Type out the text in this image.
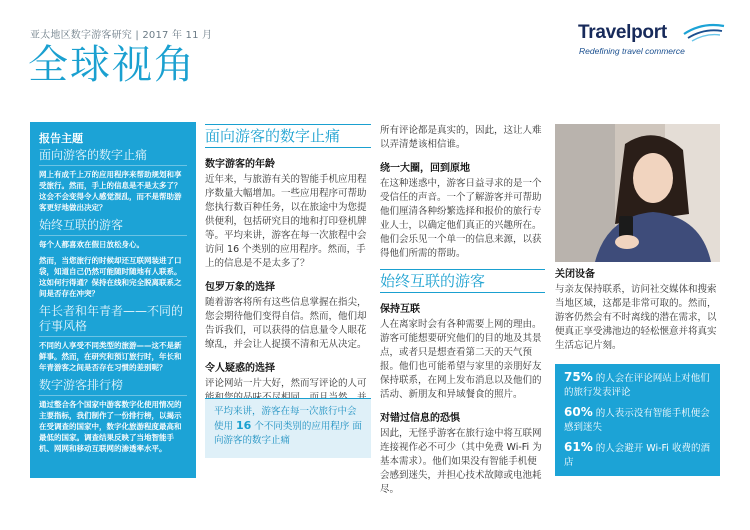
亚太地区数字游客研究 | 2017 年 11 月
全球视角
Travelport
Redefining travel commerce
报告主题
面向游客的数字止痛
网上有成千上万的应用程序来帮助规划和享受旅行。然而，手上的信息是不是太多了？这会不会变得令人感觉混乱，而不是帮助游客更好地做出决定？
始终互联的游客
每个人都喜欢在假日放松身心。
然而，当您旅行的时候却还互联网装进了口袋，知道自己仍然可能随时随地有人联系。这如何行得通？保持在线和完全脱离联系之间是否存在冲突？
年长者和年青者——不同的行事风格
不同的人享受不同类型的旅游——这不是新鲜事。然而，在研究和预订旅行时，年长和年青游客之间是否存在习惯的差别呢？
数字游客排行榜
通过整合各个国家中游客数字化使用情况的主要指标，我们制作了一份排行榜，以揭示在受调查的国家中，数字化旅游程度最高和最低的国家。调查结果反映了当地智能手机、网网和移动互联网的渗透率水平。
面向游客的数字止痛
数字游客的年龄
近年来，与旅游有关的智能手机应用程序数量大幅增加。一些应用程序可帮助您执行数百种任务，以在旅途中为您提供便利，包括研究目的地和打印登机牌等。平均来讲，游客在每一次旅程中会访问 16 个类别的应用程序。然而，手上的信息是不是太多了？
包罗万象的选择
随着游客将所有这些信息掌握在指尖，您会期待他们变得自信。然而，他们却告诉我们，可以获得的信息量令人眼花缭乱，并会让人捉摸不清和无从决定。
令人疑惑的选择
评论网站一片大好，然而写评论的人可
平均来讲，游客在每一次旅行中会使用 16 个不同类别的应用程序 面向游客的数字止痛
所有评论都是真实的，因此，这让人难以弄清楚该相信谁。
绕一大圈，回到原地
在这种迷惑中，游客日益寻求的是一个受信任的声音。一个了解游客并可帮助他们厘清各种纷繁选择和报价的旅行专业人士，以确定他们真正的兴趣所在。他们会乐见一个单一的信息来源，以获得他们所需的帮助。
始终互联的游客
保持互联
人在离家时会有各种需要上网的理由。游客可能想要研究他们的目的地及其景点，或者只是想查看第二天的天气预报。他们也可能希望与家里的亲朋好友保持联系，在网上发布消息以及他们的活动、新朋友和异域餐食的照片。
对错过信息的恐惧
因此，无怪乎游客在旅行途中将互联网连接视作必不可少（其中免费 Wi-Fi 为基本需求）。他们如果没有智能手机便会感到迷失，并担心技术故障或电池耗尽。
关闭设备
与亲友保持联系，访问社交媒体和搜索当地区域，这都是非常可取的。然而，游客仍然会有不时离线的潜在需求，以便真正享受沸池边的轻松惬意并将真实生活忘记片刻。
75% 的人会在评论网站上对他们的旅行发表评论
60% 的人表示没有智能手机便会感到迷失
61% 的人会避开 Wi-Fi 收费的酒店
